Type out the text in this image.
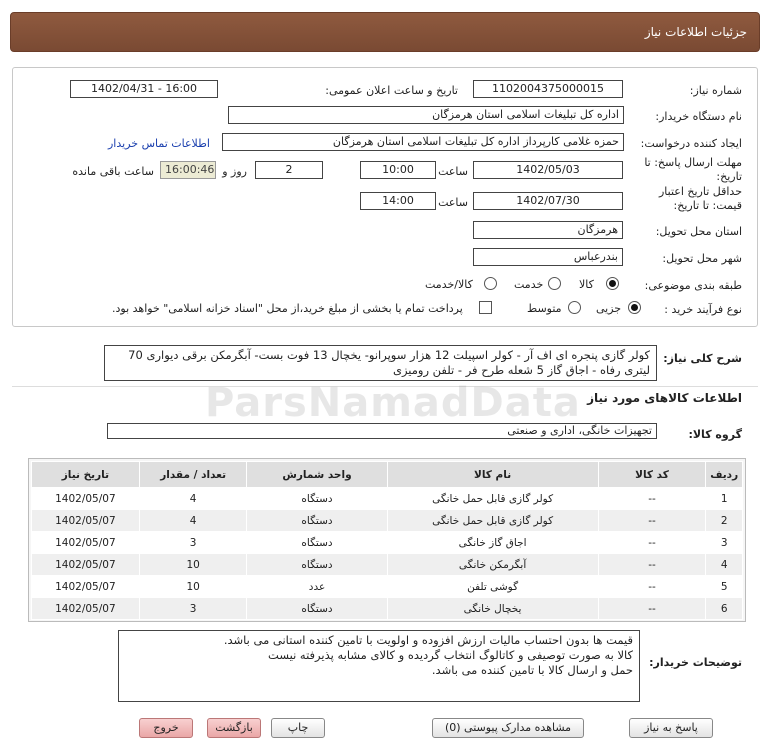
جزئیات اطلاعات نیاز
شماره نیاز:
1102004375000015
تاریخ و ساعت اعلان عمومی:
1402/04/31 - 16:00
نام دستگاه خریدار:
اداره کل تبلیغات اسلامی استان هرمزگان
ایجاد کننده درخواست:
حمزه غلامی کارپرداز اداره کل تبلیغات اسلامی استان هرمزگان
اطلاعات تماس خریدار
مهلت ارسال پاسخ: تا تاریخ:
1402/05/03
ساعت
10:00
2
روز و
16:00:46
ساعت باقی مانده
حداقل تاریخ اعتبار قیمت: تا تاریخ:
1402/07/30
ساعت
14:00
استان محل تحویل:
هرمزگان
شهر محل تحویل:
بندرعباس
طبقه بندی موضوعی:
کالا
خدمت
کالا/خدمت
نوع فرآیند خرید :
جزیی
متوسط
پرداخت تمام یا بخشی از مبلغ خرید،از محل "اسناد خزانه اسلامی" خواهد بود.
شرح کلی نیاز:
کولر گازی پنجره ای اف آر - کولر اسپیلت 12 هزار سوپرانو- یخچال 13 فوت بست- آبگرمکن برقی دیواری 70 لیتری رفاه - اجاق گاز 5 شعله طرح فر - تلفن رومیزی
اطلاعات کالاهای مورد نیاز
گروه کالا:
تجهیزات خانگی، اداری و صنعتی
ردیف	کد کالا	نام کالا	واحد شمارش	تعداد / مقدار	تاریخ نیاز
1	--	کولر گازی قابل حمل خانگی	دستگاه	4	1402/05/07
2	--	کولر گازی قابل حمل خانگی	دستگاه	4	1402/05/07
3	--	اجاق گاز خانگی	دستگاه	3	1402/05/07
4	--	آبگرمکن خانگی	دستگاه	10	1402/05/07
5	--	گوشی تلفن	عدد	10	1402/05/07
6	--	یخچال خانگی	دستگاه	3	1402/05/07
توضیحات خریدار:
قیمت ها بدون احتساب مالیات ارزش افزوده و اولویت با تامین کننده استانی می باشد.
کالا به صورت توصیفی و کاتالوگ انتخاب گردیده و کالای مشابه پذیرفته نیست
حمل و ارسال کالا با تامین کننده می باشد.
پاسخ به نیاز
مشاهده مدارک پیوستی (0)
چاپ
بازگشت
خروج
ParsNamadData
